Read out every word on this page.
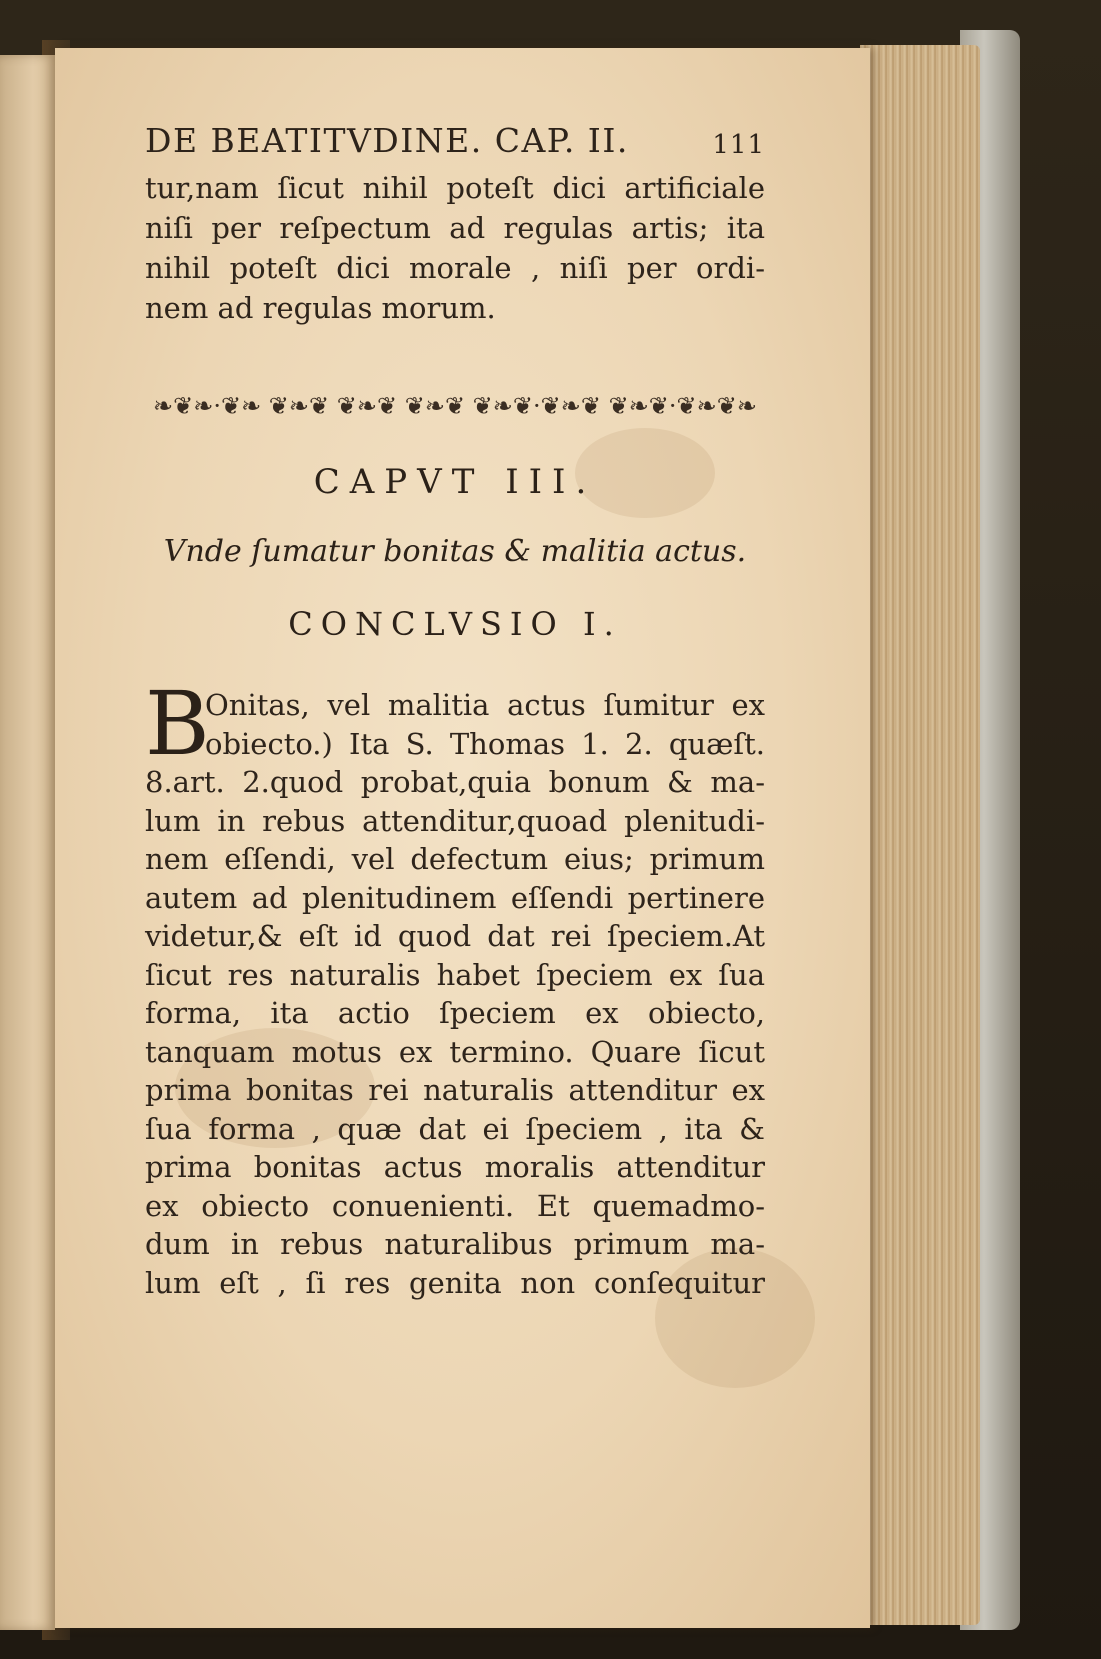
DE BEATITVDINE. CAP. II.	111
tur,nam ſicut nihil poteſt dici artificiale
niſi per reſpectum ad regulas artis; ita
nihil poteſt dici morale , niſi per ordi-
nem ad regulas morum.
❧❦❧·❦❧ ❦❧❦ ❦❧❦ ❦❧❦ ❦❧❦·❦❧❦ ❦❧❦·❦❧❦❧
CAPVT III.
Vnde ſumatur bonitas & malitia actus.
CONCLVSIO I.
B
Onitas, vel malitia actus ſumitur ex
obiecto.) Ita S. Thomas 1. 2. quæſt.
8.art. 2.quod probat,quia bonum & ma-
lum in rebus attenditur,quoad plenitudi-
nem eſſendi, vel defectum eius; primum
autem ad plenitudinem eſſendi pertinere
videtur,& eſt id quod dat rei ſpeciem.At
ſicut res naturalis habet ſpeciem ex ſua
forma, ita actio ſpeciem ex obiecto,
tanquam motus ex termino. Quare ſicut
prima bonitas rei naturalis attenditur ex
ſua forma , quæ dat ei ſpeciem , ita &
prima bonitas actus moralis attenditur
ex obiecto conuenienti. Et quemadmo-
dum in rebus naturalibus primum ma-
lum eſt , ſi res genita non conſequitur
